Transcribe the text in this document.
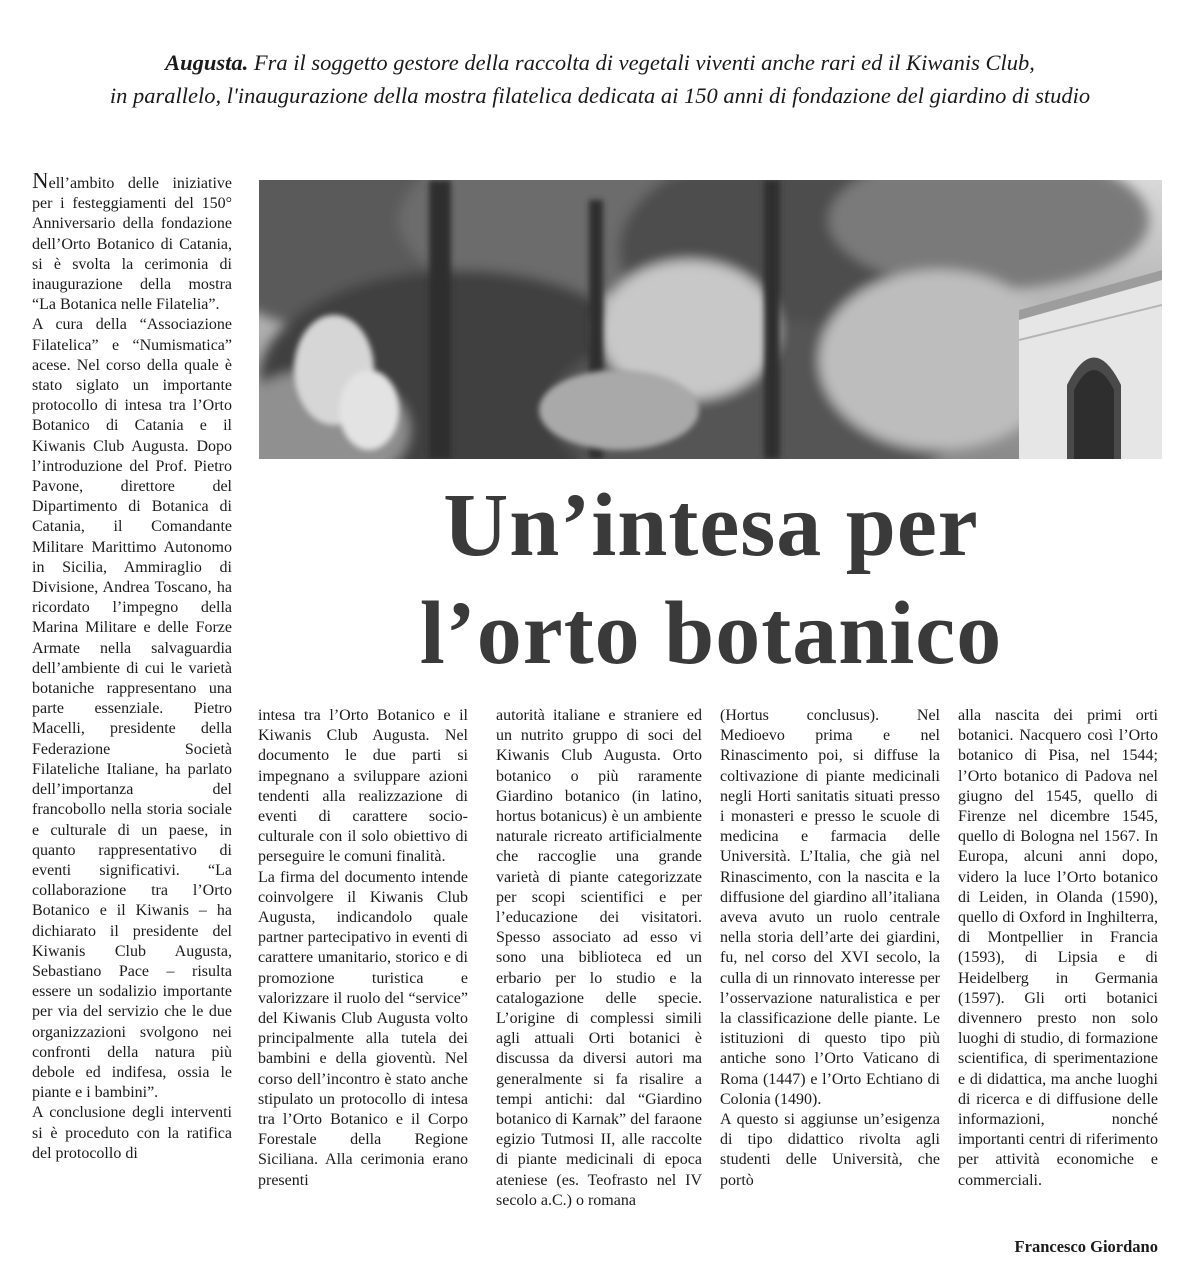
Augusta. Fra il soggetto gestore della raccolta di vegetali viventi anche rari ed il Kiwanis Club,
in parallelo, l'inaugurazione della mostra filatelica dedicata ai 150 anni di fondazione del giardino di studio

Nell’ambito delle iniziative per i festeggiamenti del 150° Anniversario della fondazione dell’Orto Botanico di Catania, si è svolta la cerimonia di inaugurazione della mostra “La Botanica nelle Filatelia”.

A cura della “Associazione Filatelica” e “Numismatica” acese. Nel corso della quale è stato siglato un importante protocollo di intesa tra l’Orto Botanico di Catania e il Kiwanis Club Augusta. Dopo l’introduzione del Prof. Pietro Pavone, direttore del Dipartimento di Botanica di Catania, il Comandante Militare Marittimo Autonomo in Sicilia, Ammiraglio di Divisione, Andrea Toscano, ha ricordato l’impegno della Marina Militare e delle Forze Armate nella salvaguardia dell’ambiente di cui le varietà botaniche rappresentano una parte essenziale. Pietro Macelli, presidente della Federazione Società Filateliche Italiane, ha parlato dell’importanza del francobollo nella storia sociale e culturale di un paese, in quanto rappresentativo di eventi significativi. “La collaborazione tra l’Orto Botanico e il Kiwanis – ha dichiarato il presidente del Kiwanis Club Augusta, Sebastiano Pace – risulta essere un sodalizio importante per via del servizio che le due organizzazioni svolgono nei confronti della natura più debole ed indifesa, ossia le piante e i bambini”.

A conclusione degli interventi si è proceduto con la ratifica del protocollo di

Un’intesa per
l’orto botanico

intesa tra l’Orto Botanico e il Kiwanis Club Augusta. Nel documento le due parti si impegnano a sviluppare azioni tendenti alla realizzazione di eventi di carattere socio-culturale con il solo obiettivo di perseguire le comuni finalità.

La firma del documento intende coinvolgere il Kiwanis Club Augusta, indicandolo quale partner partecipativo in eventi di carattere umanitario, storico e di promozione turistica e valorizzare il ruolo del “service” del Kiwanis Club Augusta volto principalmente alla tutela dei bambini e della gioventù. Nel corso dell’incontro è stato anche stipulato un protocollo di intesa tra l’Orto Botanico e il Corpo Forestale della Regione Siciliana. Alla cerimonia erano presenti

autorità italiane e straniere ed un nutrito gruppo di soci del Kiwanis Club Augusta. Orto botanico o più raramente Giardino botanico (in latino, hortus botanicus) è un ambiente naturale ricreato artificialmente che raccoglie una grande varietà di piante categorizzate per scopi scientifici e per l’educazione dei visitatori. Spesso associato ad esso vi sono una biblioteca ed un erbario per lo studio e la catalogazione delle specie. L’origine di complessi simili agli attuali Orti botanici è discussa da diversi autori ma generalmente si fa risalire a tempi antichi: dal “Giardino botanico di Karnak” del faraone egizio Tutmosi II, alle raccolte di piante medicinali di epoca ateniese (es. Teofrasto nel IV secolo a.C.) o romana

(Hortus conclusus). Nel Medioevo prima e nel Rinascimento poi, si diffuse la coltivazione di piante medicinali negli Horti sanitatis situati presso i monasteri e presso le scuole di medicina e farmacia delle Università. L’Italia, che già nel Rinascimento, con la nascita e la diffusione del giardino all’italiana aveva avuto un ruolo centrale nella storia dell’arte dei giardini, fu, nel corso del XVI secolo, la culla di un rinnovato interesse per l’osservazione naturalistica e per la classificazione delle piante. Le istituzioni di questo tipo più antiche sono l’Orto Vaticano di Roma (1447) e l’Orto Echtiano di Colonia (1490).

A questo si aggiunse un’esigenza di tipo didattico rivolta agli studenti delle Università, che portò

alla nascita dei primi orti botanici. Nacquero così l’Orto botanico di Pisa, nel 1544; l’Orto botanico di Padova nel giugno del 1545, quello di Firenze nel dicembre 1545, quello di Bologna nel 1567. In Europa, alcuni anni dopo, videro la luce l’Orto botanico di Leiden, in Olanda (1590), quello di Oxford in Inghilterra, di Montpellier in Francia (1593), di Lipsia e di Heidelberg in Germania (1597). Gli orti botanici divennero presto non solo luoghi di studio, di formazione scientifica, di sperimentazione e di didattica, ma anche luoghi di ricerca e di diffusione delle informazioni, nonché importanti centri di riferimento per attività economiche e commerciali.

Francesco Giordano
